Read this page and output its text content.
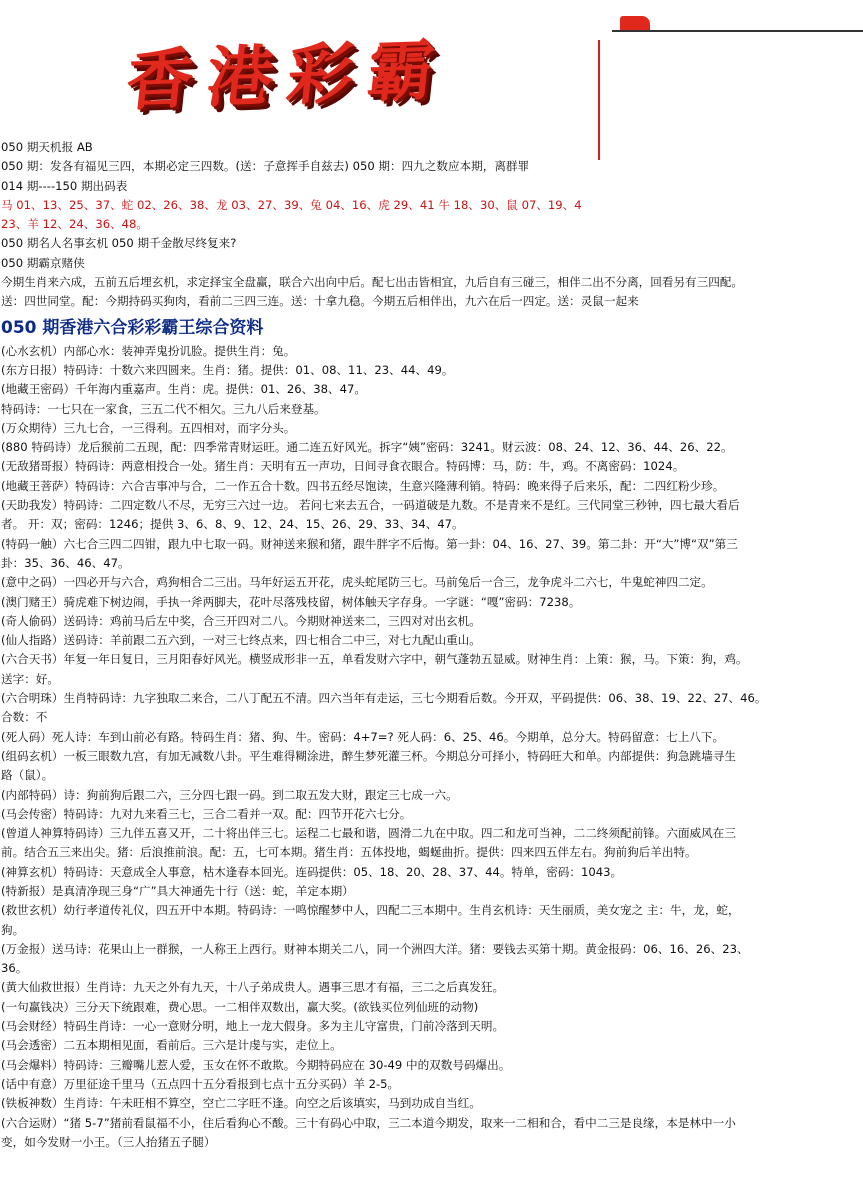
香港彩霸
050 期天机报 AB
050 期：发各有福见三四，本期必定三四数。(送：子意挥手自兹去) 050 期：四九之数应本期，离群罪
014 期----150 期出码表
马 01、13、25、37、蛇 02、26、38、龙 03、27、39、兔 04、16、虎 29、41 牛 18、30、鼠 07、19、4
23、羊 12、24、36、48。
050 期名人名事玄机 050 期千金散尽终复来?
050 期霸京赌侠
今期生肖来六成，五前五后埋玄机，求定择宝全盘赢，联合六出向中后。配七出击皆相宜，九后自有三碰三，相伴二出不分离，回看另有三四配。
送：四世同堂。配：今期持码买狗肉，看前二三四三连。送：十拿九稳。今期五后相伴出，九六在后一四定。送：灵鼠一起来
050 期香港六合彩彩霸王综合资料
(心水玄机）内部心水：装神弄鬼扮讥脸。提供生肖：兔。
(东方日报）特码诗：十数六来四圆来。生肖：猪。提供：01、08、11、23、44、49。
(地藏王密码）千年海内重嘉声。生肖：虎。提供：01、26、38、47。
特码诗：一七只在一家食，三五二代不相欠。三九八后来登基。
(万众期待）三九七合，一三得利。五四相对，而字分头。
(880 特码诗）龙后猴前二五现，配：四季常青财运旺。通二连五好风光。拆字“姨”密码：3241。财云波：08、24、12、36、44、26、22。
(无敌猪哥报）特码诗：两意相投合一处。猪生肖：天明有五一声功，日间寻食衣眼合。特码博：马，防：牛，鸡。不离密码：1024。
(地藏王菩萨）特码诗：六合吉事冲与合，二一作五合十数。四书五经尽饱读，生意兴隆薄利销。特码：晚来得子后来乐，配：二四红粉少珍。
(天助我发）特码诗：二四定数八不尽，无穷三六过一边。 若问七来去五合，一码道破是九数。不是青来不是红。三代同堂三秒钟，四七最大看后
者。 开：双；密码：1246；提供 3、6、8、9、12、24、15、26、29、33、34、47。
(特码一触）六七合三四二四钳，跟九中七取一码。财神送来猴和猪，跟牛胖字不后悔。第一卦：04、16、27、39。第二卦：开“大”博“双”第三
卦：35、36、46、47。
(意中之码）一四必开与六合，鸡狗相合二三出。马年好运五开花，虎头蛇尾防三七。马前兔后一合三，龙争虎斗二六七，牛鬼蛇神四二定。
(澳门赌王）骑虎难下树边闹，手执一斧两脚夫，花叶尽落残枝留，树体触天字存身。一字谜：“嘎”密码：7238。
(奇人偷码）送码诗：鸡前马后左中奖，合三开四对二八。今期财神送来二，三四对对出玄机。
(仙人指路）送码诗：羊前跟二五六到，一对三七终点来，四七相合二中三，对七九配山重山。
(六合天书）年复一年日复日，三月阳春好风光。横竖成形非一五，单看发财六字中，朝气蓬勃五显威。财神生肖：上策：猴，马。下策：狗，鸡。
送字：好。
(六合明珠）生肖特码诗：九字独取二来合，二八丁配五不清。四六当年有走运，三七今期看后数。今开双，平码提供：06、38、19、22、27、46。
合数：不
(死人码）死人诗：车到山前必有路。特码生肖：猪、狗、牛。密码：4+7=? 死人码：6、25、46。今期单，总分大。特码留意：七上八下。
(组码玄机）一板三眼数九宫，有加无减数八卦。平生难得糊涂进，醉生梦死灌三杯。今期总分可择小，特码旺大和单。内部提供：狗急跳墙寻生
路（鼠）。
(内部特码）诗：狗前狗后跟二六，三分四七跟一码。到二取五发大财，跟定三七成一六。
(马会传密）特码诗：九对九来看三七，三合二看并一双。配：四节开花六七分。
(曾道人神算特码诗）三九伴五喜又开，二十将出伴三七。运程二七最和谐，圆滑二九在中取。四二和龙可当神，二二终须配前锋。六面威风在三
前。结合五三来出尖。猪：后浪推前浪。配：五，七可本期。猪生肖：五体投地，蝎蜒曲折。提供：四来四五伴左右。狗前狗后羊出特。
(神算玄机）特码诗：天意成全人事意，枯木逢春本回光。连码提供：05、18、20、28、37、44。特单，密码：1043。
(特新报）是真清净现三身“广”具大神通先十行（送：蛇，羊定本期）
(救世玄机）幼行孝道传礼仪，四五开中本期。特码诗：一鸣惊醒梦中人，四配二三本期中。生肖玄机诗：天生丽质，美女宠之 主：牛，龙，蛇，
狗。
(万金报）送马诗：花果山上一群猴，一人称王上西行。财神本期关二八，同一个洲四大洋。猪：要钱去买第十期。黄金报码：06、16、26、23、
36。
(黄大仙救世报）生肖诗：九天之外有九天，十八子弟成贵人。遇事三思才有福，三二之后真发狂。
(一句赢钱决）三分天下统跟难，费心思。一二相伴双数出，赢大奖。(欲钱买位列仙班的动物)
(马会财经）特码生肖诗：一心一意财分明，地上一龙大假身。多为主儿守富贵，门前冷落到天明。
(马会透密）二五本期相见面，看前后。三六是计虔与实，走位上。
(马会爆料）特码诗：三瓣嘴儿惹人爱，玉女在怀不敢欺。今期特码应在 30-49 中的双数号码爆出。
(话中有意）万里征途千里马（五点四十五分看报到七点十五分买码）羊 2-5。
(铁板神数）生肖诗：午未旺相不算空，空亡二字旺不逢。向空之后该填实，马到功成自当红。
(六合运财）“猪 5-7”猪前看鼠福不小，住后看狗心不酸。三十有码心中取，三二本道今期发，取来一二相和合，看中二三是良缘，本是林中一小
变，如今发财一小王。（三人抬猪五子腿）
